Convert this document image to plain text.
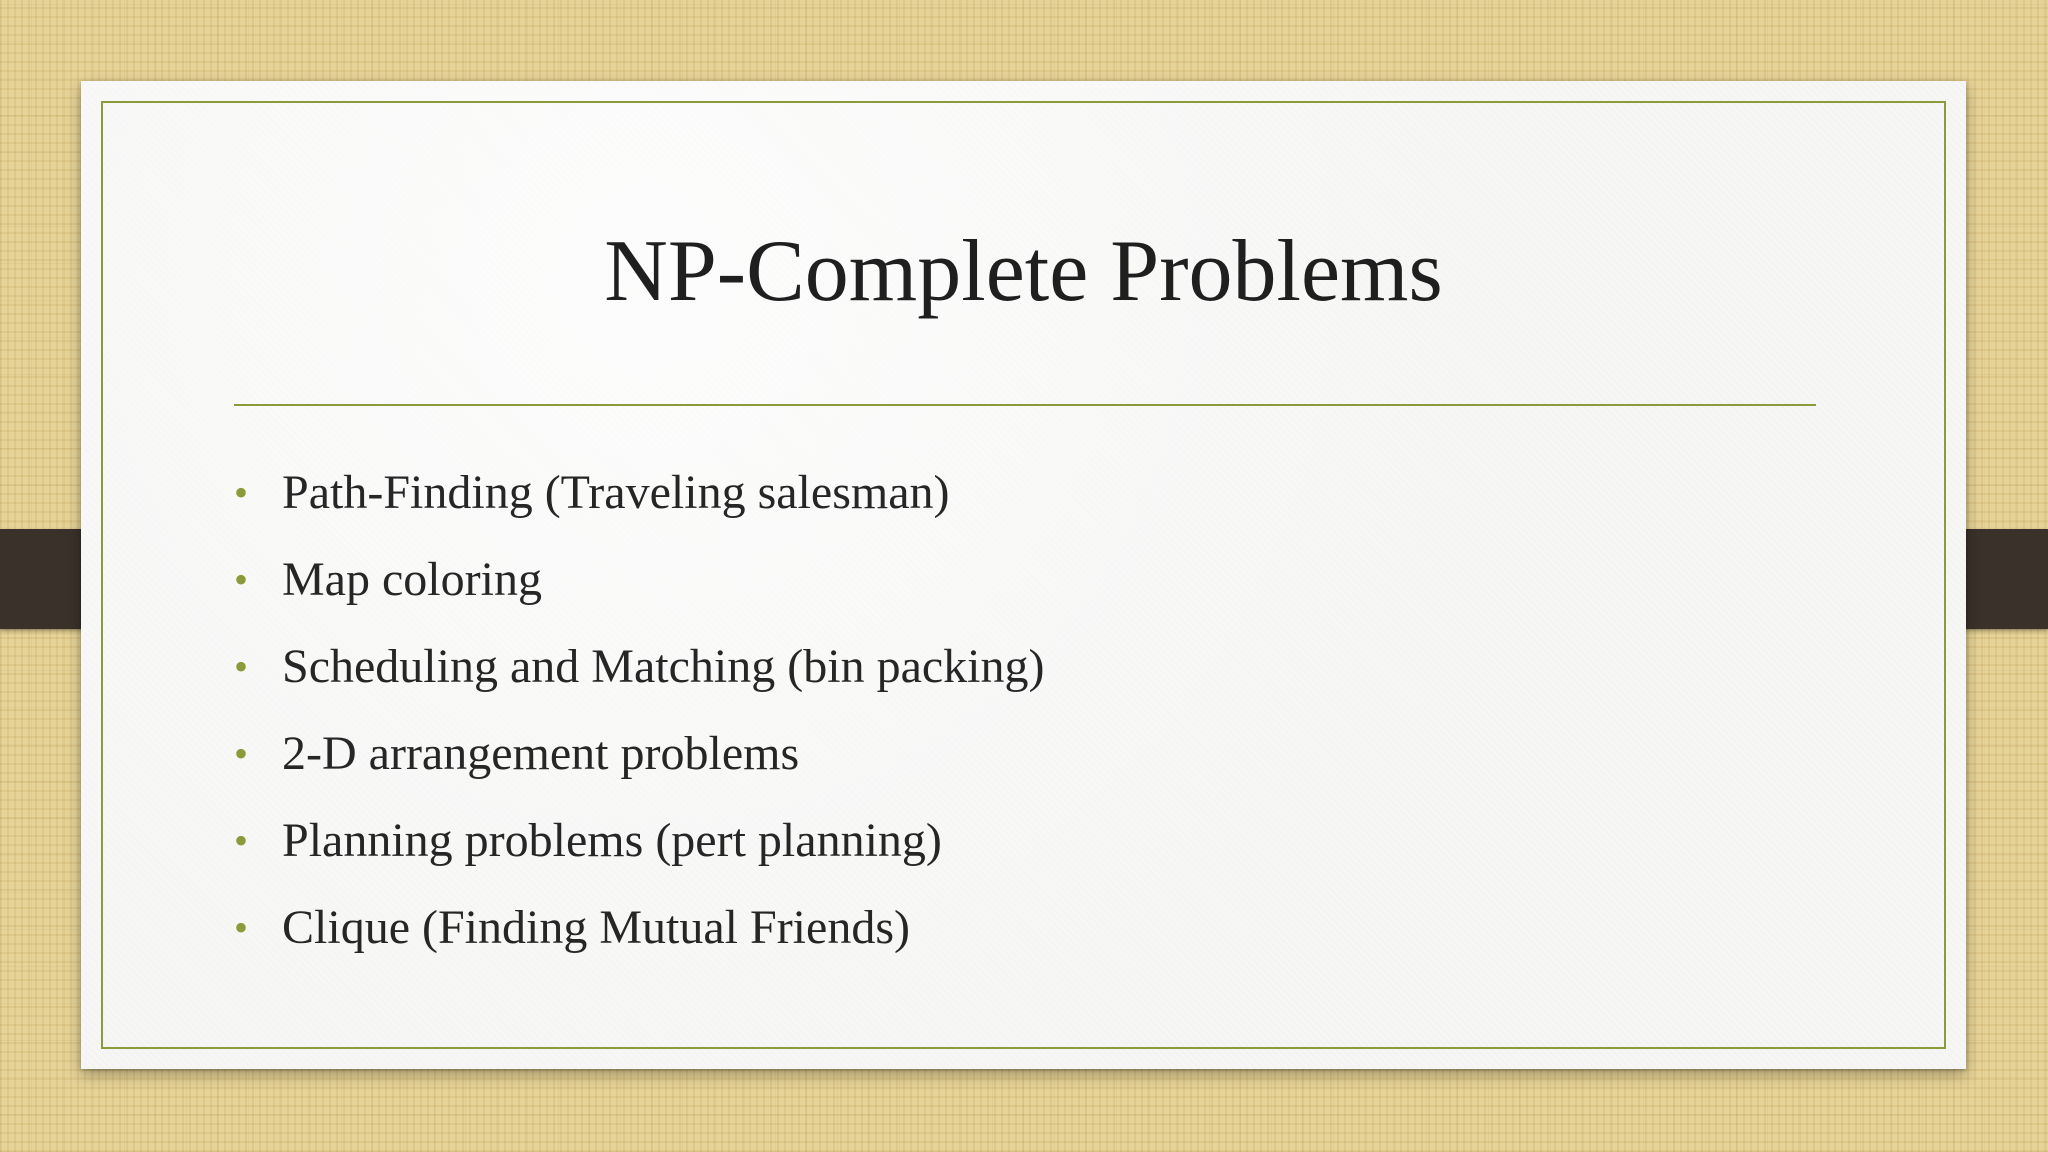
NP-Complete Problems
• Path-Finding (Traveling salesman)
• Map coloring
• Scheduling and Matching (bin packing)
• 2-D arrangement problems
• Planning problems (pert planning)
• Clique (Finding Mutual Friends)
